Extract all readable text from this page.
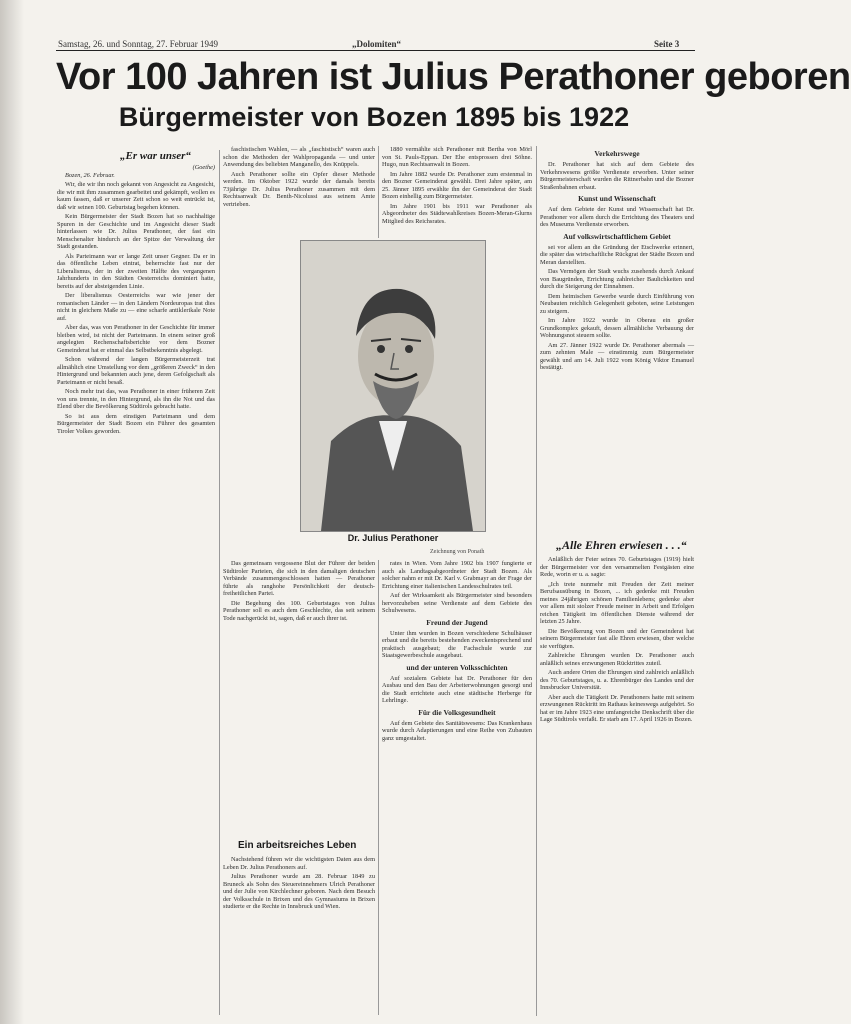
Samstag, 26. und Sonntag, 27. Februar 1949	„Dolomiten“	Seite 3
Vor 100 Jahren ist Julius Perathoner geboren
Bürgermeister von Bozen 1895 bis 1922
„Er war unser“
(Goethe)

Bozen, 26. Februar.

Wir, die wir ihn noch gekannt von Angesicht zu Angesicht, die wir mit ihm zusammen gearbeitet und gekämpft, wollen es kaum fassen, daß er unserer Zeit schon so weit entrückt ist, daß wir seinen 100. Geburtstag begehen können.

Kein Bürgermeister der Stadt Bozen hat so nachhaltige Spuren in der Geschichte und im Angesicht dieser Stadt hinterlassen wie Dr. Julius Perathoner, der fast ein Menschenalter hindurch an der Spitze der Verwaltung der Stadt gestanden.

Als Parteimann war er lange Zeit unser Gegner. Da er in das öffentliche Leben eintrat, beherrschte fast nur der Liberalismus, der in der zweiten Hälfte des vergangenen Jahrhunderts in den Städten Oesterreichs dominiert hatte, bereits auf der absteigenden Linie.

Der liberalismus Oesterreichs war wie jener der romanischen Länder — in den Ländern Nordeuropas trat dies nicht in gleichem Maße zu — eine scharfe antiklerikale Note auf.

Aber das, was von Perathoner in der Geschichte für immer bleiben wird, ist nicht der Parteimann. In einem seiner groß angelegten Rechenschaftsberichte vor dem Bozner Gemeinderat hat er einmal das Selbstbekenntnis abgelegt.

Schon während der langen Bürgermeisterzeit trat allmählich eine Umstellung vor dem „größeren Zweck“ in den Hintergrund und bekannten auch jene, deren Gefolgschaft als Parteimann er nicht besaß.

Noch mehr trat das, was Perathoner in einer früheren Zeit von uns trennte, in den Hintergrund, als ihn die Not und das Elend über die Bevölkerung Südtirols gebracht hatte.

So ist aus dem einstigen Parteimann und dem Bürgermeister der Stadt Bozen ein Führer des gesamten Tiroler Volkes geworden.

faschistischen Wahlen, — als „faschistisch“ waren auch schon die Methoden der Wahlpropaganda — und unter Anwendung des beliebten Manganello, des Knüppels.

Auch Perathoner sollte ein Opfer dieser Methode werden. Im Oktober 1922 wurde der damals bereits 73jährige Dr. Julius Perathoner zusammen mit dem Rechtsanwalt Dr. Benth-Nicolussi aus seinem Amte vertrieben.

1880 vermählte sich Perathoner mit Bertha von Mörl von St. Pauls-Eppan. Der Ehe entsprossen drei Söhne. Hugo, nun Rechtsanwalt in Bozen.

Im Jahre 1882 wurde Dr. Perathoner zum erstenmal in den Bozner Gemeinderat gewählt. Drei Jahre später, am 25. Jänner 1895 erwählte ihn der Gemeinderat der Stadt Bozen einhellig zum Bürgermeister.

Im Jahre 1901 bis 1911 war Perathoner als Abgeordneter des Städtewahlkreises Bozen-Meran-Glurns Mitglied des Reichsrates.

Dr. Julius Perathoner
Zeichnung von Ponath

Das gemeinsam vergossene Blut der Führer der beiden Südtiroler Parteien, die sich in den damaligen deutschen Verbände zusammengeschlossen hatten — Perathoner führte als ranghohe Persönlichkeit der deutsch-freiheitlichen Partei.

Die Begehung des 100. Geburtstages von Julius Perathoner soll es auch dem Geschlechte, das seit seinem Tode nachgerückt ist, sagen, daß er auch ihrer ist.

Ein arbeitsreiches Leben

Nachstehend führen wir die wichtigsten Daten aus dem Leben Dr. Julius Perathoners auf.

Julius Perathoner wurde am 28. Februar 1849 zu Bruneck als Sohn des Steuereinnehmers Ulrich Perathoner und der Julie von Kirchlechner geboren. Nach dem Besuch der Volksschule in Brixen und des Gymnasiums in Brixen studierte er die Rechte in Innsbruck und Wien.

rates in Wien. Vom Jahre 1902 bis 1907 fungierte er auch als Landtagsabgeordneter der Stadt Bozen. Als solcher nahm er mit Dr. Karl v. Grabmayr an der Frage der Errichtung einer italienischen Landesschulrates teil.

Auf der Wirksamkeit als Bürgermeister sind besonders hervorzuheben seine Verdienste auf dem Gebiete des Schulwesens.

Freund der Jugend

Unter ihm wurden in Bozen verschiedene Schulhäuser erbaut und die bereits bestehenden zweckentsprechend und praktisch ausgebaut; die Fachschule wurde zur Staatsgewerbeschule ausgebaut.

und der unteren Volksschichten

Auf sozialem Gebiete hat Dr. Perathoner für den Ausbau und den Bau der Arbeiterwohnungen gesorgt und die Stadt errichtete auch eine städtische Herberge für Lehrlinge.

Für die Volksgesundheit

Auf dem Gebiete des Sanitätswesens: Das Krankenhaus wurde durch Adaptierungen und eine Reihe von Zubauten ganz umgestaltet.

Verkehrswege

Dr. Perathoner hat sich auf dem Gebiete des Verkehrswesens größte Verdienste erworben. Unter seiner Bürgermeisterschaft wurden die Rittnerbahn und die Bozner Straßenbahnen erbaut.

Kunst und Wissenschaft

Auf dem Gebiete der Kunst und Wissenschaft hat Dr. Perathoner vor allem durch die Errichtung des Theaters und des Museums Verdienste erworben.

Auf volkswirtschaftlichem Gebiet

sei vor allem an die Gründung der Etschwerke erinnert, die später das wirtschaftliche Rückgrat der Städte Bozen und Meran darstellten.

Das Vermögen der Stadt wuchs zusehends durch Ankauf von Baugründen, Errichtung zahlreicher Baulichkeiten und durch die Steigerung der Einnahmen.

Dem heimischen Gewerbe wurde durch Einführung von Neubauten reichlich Gelegenheit geboten, seine Leistungen zu steigern.

Im Jahre 1922 wurde in Oberau ein großer Grundkomplex gekauft, dessen allmähliche Verbauung der Wohnungsnot steuern sollte.

Am 27. Jänner 1922 wurde Dr. Perathoner abermals — zum zehnten Male — einstimmig zum Bürgermeister gewählt und am 14. Juli 1922 vom König Viktor Emanuel bestätigt.

„Alle Ehren erwiesen . . .“

Anläßlich der Feier seines 70. Geburtstages (1919) hielt der Bürgermeister vor den versammelten Festgästen eine Rede, worin er u. a. sagte:

„Ich trete nunmehr mit Freuden der Zeit meiner Berufsausübung in Bozen, ... ich gedenke mit Freuden meines 24jährigen schönen Familienlebens; gedenke aber vor allem mit stolzer Freude meiner in Arbeit und Erfolgen reichen Tätigkeit im öffentlichen Dienste während der letzten 25 Jahre.

Die Bevölkerung von Bozen und der Gemeinderat hat seinem Bürgermeister fast alle Ehren erwiesen, über welche sie verfügten.

Zahlreiche Ehrungen wurden Dr. Perathoner auch anläßlich seines erzwungenen Rücktrittes zuteil.

Auch andere Orten die Ehrungen sind zahlreich anläßlich des 70. Geburtstages, u. a. Ehrenbürger des Landes und der Innsbrucker Universität.

Aber auch die Tätigkeit Dr. Perathoners hatte mit seinem erzwungenen Rücktritt im Rathaus keineswegs aufgehört. So hat er im Jahre 1923 eine umfangreiche Denkschrift über die Lage Südtirols verfaßt. Er starb am 17. April 1926 in Bozen.
